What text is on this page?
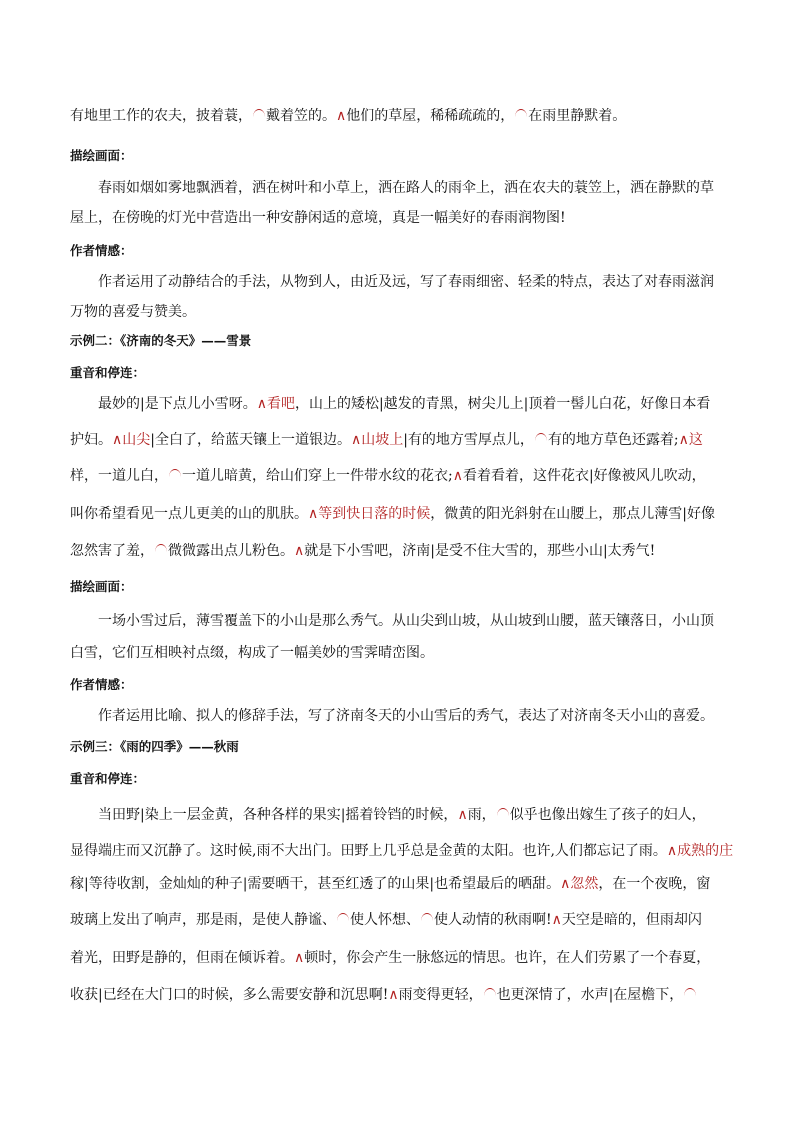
有地里工作的农夫，披着蓑， 戴着笠的。∧他们的草屋，稀稀疏疏的， 在雨里静默着。
描绘画面：
春雨如烟如雾地飘洒着，洒在树叶和小草上，洒在路人的雨伞上，洒在农夫的蓑笠上，洒在静默的草
屋上，在傍晚的灯光中营造出一种安静闲适的意境，真是一幅美好的春雨润物图!
作者情感：
作者运用了动静结合的手法，从物到人，由近及远，写了春雨细密、轻柔的特点，表达了对春雨滋润
万物的喜爱与赞美。
示例二：《济南的冬天》——雪景
重音和停连：
最妙的|是下点儿小雪呀。∧看吧，山上的矮松|越发的青黑，树尖儿上|顶着一髻儿白花，好像日本看
护妇。∧山尖|全白了，给蓝天镶上一道银边。∧山坡上|有的地方雪厚点儿， 有的地方草色还露着;∧这
样，一道儿白， 一道儿暗黄，给山们穿上一件带水纹的花衣;∧看着看着，这件花衣|好像被风儿吹动，
叫你希望看见一点儿更美的山的肌肤。∧等到快日落的时候，微黄的阳光斜射在山腰上，那点儿薄雪|好像
忽然害了羞， 微微露出点儿粉色。∧就是下小雪吧，济南|是受不住大雪的，那些小山|太秀气!
描绘画面：
一场小雪过后，薄雪覆盖下的小山是那么秀气。从山尖到山坡，从山坡到山腰，蓝天镶落日，小山顶
白雪，它们互相映衬点缀，构成了一幅美妙的雪霁晴峦图。
作者情感：
作者运用比喻、拟人的修辞手法，写了济南冬天的小山雪后的秀气，表达了对济南冬天小山的喜爱。
示例三：《雨的四季》——秋雨
重音和停连：
当田野|染上一层金黄，各种各样的果实|摇着铃铛的时候，∧雨， 似乎也像出嫁生了孩子的妇人，
显得端庄而又沉静了。这时候,雨不大出门。田野上几乎总是金黄的太阳。也许,人们都忘记了雨。∧成熟的庄
稼|等待收割，金灿灿的种子|需要晒干，甚至红透了的山果|也希望最后的晒甜。∧忽然，在一个夜晚，窗
玻璃上发出了响声，那是雨，是使人静谧、 使人怀想、 使人动情的秋雨啊!∧天空是暗的，但雨却闪
着光，田野是静的，但雨在倾诉着。∧顿时，你会产生一脉悠远的情思。也许，在人们劳累了一个春夏，
收获|已经在大门口的时候，多么需要安静和沉思啊!∧雨变得更轻， 也更深情了，水声|在屋檐下，
